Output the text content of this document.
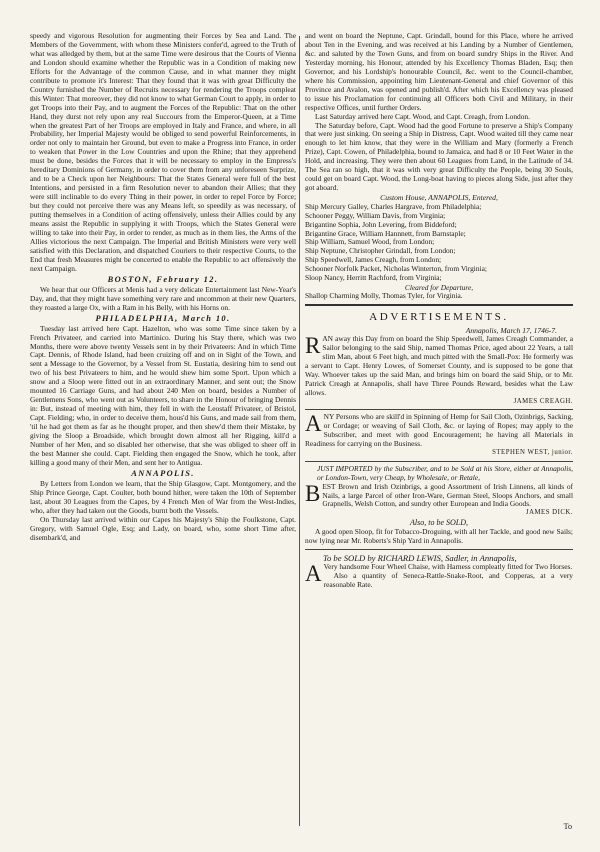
speedy and vigorous Resolution for augmenting their Forces by Sea and Land. The Members of the Government, with whom these Ministers confer'd, agreed to the Truth of what was alledged by them, but at the same Time were desirous that the Courts of Vienna and London should examine whether the Republic was in a Condition of making new Efforts for the Advantage of the common Cause, and in what manner they might contribute to promote it's Interest: That they found that it was with great Difficulty the Country furnished the Number of Recruits necessary for rendering the Troops compleat this Winter: That moreover, they did not know to what German Court to apply, in order to get Troops into their Pay, and to augment the Forces of the Republic: That on the other Hand, they durst not rely upon any real Succours from the Emperor-Queen, at a Time when the greatest Part of her Troops are employed in Italy and France, and where, in all Probability, her Imperial Majesty would be obliged to send powerful Reinforcements, in order not only to maintain her Ground, but even to make a Progress into France, in order to weaken that Power in the Low Countries and upon the Rhine; that they apprehend must be done, besides the Forces that it will be necessary to employ in the Empress's hereditary Dominions of Germany, in order to cover them from any unforeseen Surprize, and to be a Check upon her Neighbours: That the States General were full of the best Intentions, and persisted in a firm Resolution never to abandon their Allies; that they were still inclinable to do every Thing in their power, in order to repel Force by Force; but they could not perceive there was any Means left, so speedily as was necessary, of putting themselves in a Condition of acting offensively, unless their Allies could by any means assist the Republic in supplying it with Troops, which the States General were willing to take into their Pay, in order to render, as much as in them lies, the Arms of the Allies victorious the next Campaign. The Imperial and British Ministers were very well satisfied with this Declaration, and dispatched Couriers to their respective Courts, to the End that fresh Measures might be concerted to enable the Republic to act offensively the next Campaign.

BOSTON, February 12.

We hear that our Officers at Menis had a very delicate Entertainment last New-Year's Day, and, that they might have something very rare and uncommon at their new Quarters, they roasted a large Ox, with a Ram in his Belly, with his Horns on.

PHILADELPHIA, March 10.

Tuesday last arrived here Capt. Hazelton, who was some Time since taken by a French Privateer, and carried into Martinico. During his Stay there, which was two Months, there were above twenty Vessels sent in by their Privateers: And in which Time Capt. Dennis, of Rhode Island, had been cruizing off and on in Sight of the Town, and sent a Message to the Governor, by a Vessel from St. Eustatia, desiring him to send out two of his best Privateers to him, and he would shew him some Sport. Upon which a snow and a Sloop were fitted out in an extraordinary Manner, and sent out; the Snow mounted 16 Carriage Guns, and had about 240 Men on board, besides a Number of Gentlemens Sons, who went out as Volunteers, to share in the Honour of bringing Dennis in: But, instead of meeting with him, they fell in with the Leostaff Privateer, of Bristol, Capt. Fielding; who, in order to deceive them, hous'd his Guns, and made sail from them, 'til he had got them as far as he thought proper, and then shew'd them their Mistake, by giving the Sloop a Broadside, which brought down almost all her Rigging, kill'd a Number of her Men, and so disabled her otherwise, that she was obliged to sheer off in the best Manner she could. Capt. Fielding then engaged the Snow, which he took, after killing a good many of their Men, and sent her to Antigua.

ANNAPOLIS.

By Letters from London we learn, that the Ship Glasgow, Capt. Montgomery, and the Ship Prince George, Capt. Coulter, both bound hither, were taken the 10th of September last, about 30 Leagues from the Capes, by 4 French Men of War from the West-Indies, who, after they had taken out the Goods, burnt both the Vessels.

On Thursday last arrived within our Capes his Majesty's Ship the Foulkstone, Capt. Gregory, with Samuel Ogle, Esq; and Lady, on board, who, some short Time after, disembark'd, and

and went on board the Neptune, Capt. Grindall, bound for this Place, where he arrived about Ten in the Evening, and was received at his Landing by a Number of Gentlemen, &c. and saluted by the Town Guns, and from on board sundry Ships in the River. And Yesterday morning, his Honour, attended by his Excellency Thomas Bladen, Esq; then Governor, and his Lordship's honourable Council, &c. went to the Council-chamber, where his Commission, appointing him Lieutenant-General and chief Governor of this Province and Avalon, was opened and publish'd. After which his Excellency was pleased to issue his Proclamation for continuing all Officers both Civil and Military, in their respective Offices, until further Orders.

Last Saturday arrived here Capt. Wood, and Capt. Creagh, from London.

The Saturday before, Capt. Wood had the good Fortune to preserve a Ship's Company that were just sinking. On seeing a Ship in Distress, Capt. Wood waited till they came near enough to let him know, that they were in the William and Mary (formerly a French Prize), Capt. Cowen, of Philadelphia, bound to Jamaica, and had 8 or 10 Feet Water in the Hold, and increasing. They were then about 60 Leagues from Land, in the Latitude of 34. The Sea ran so high, that it was with very great Difficulty the People, being 30 Souls, could get on board Capt. Wood, the Long-boat having to pieces along Side, just after they got aboard.

Custom House, ANNAPOLIS, Entered,

Ship Mercury Galley, Charles Hargrave, from Philadelphia;

Schooner Peggy, William Davis, from Virginia;

Brigantine Sophia, John Levering, from Biddeford;

Brigantine Grace, William Hannnett, from Barnstaple;

Ship William, Samuel Wood, from London;

Ship Neptune, Christopher Grindall, from London;

Ship Speedwell, James Creagh, from London;

Schooner Norfolk Packet, Nicholas Winterton, from Virginia;

Sloop Nancy, Herritt Rachford, from Virginia;

Cleared for Departure,

Shallop Charming Molly, Thomas Tyler, for Virginia.

ADVERTISEMENTS.
Annapolis, March 17, 1746-7.
R AN away this Day from on board the Ship Speedwell, James Creagh Commander, a Sailor belonging to the said Ship, named Thomas Price, aged about 22 Years, a tall slim Man, about 6 Feet high, and much pitted with the Small-Pox: He formerly was a servant to Capt. Henry Lowes, of Somerset County, and is supposed to be gone that Way. Whoever takes up the said Man, and brings him on board the said Ship, or to Mr. Patrick Creagh at Annapolis, shall have Three Pounds Reward, besides what the Law allows.

JAMES CREAGH.
A NY Persons who are skill'd in Spinning of Hemp for Sail Cloth, Ozinbrigs, Sacking, or Cordage; or weaving of Sail Cloth, &c. or laying of Ropes; may apply to the Subscriber, and meet with good Encouragement; he having all Materials in Readiness for carrying on the Business.

STEPHEN WEST, junior.

JUST IMPORTED by the Subscriber, and to be Sold at his Store, either at Annapolis, or London-Town, very Cheap, by Wholesale, or Retale,

B EST Brown and Irish Ozinbrigs, a good Assortment of Irish Linnens, all kinds of Nails, a large Parcel of other Iron-Ware, German Steel, Sloops Anchors, and small Grapnells, Welsh Cotton, and sundry other European and India Goods.

JAMES DICK.
Also, to be SOLD,

A good open Sloop, fit for Tobacco-Droguing, with all her Tackle, and good new Sails; now lying near Mr. Roberts's Ship Yard in Annapolis.

To be SOLD by RICHARD LEWIS, Sadler, in Annapolis,
A Very handsome Four Wheel Chaise, with Harness compleatly fitted for Two Horses.

Also a quantity of Seneca-Rattle-Snake-Root, and Copperas, at a very reasonable Rate.

To
